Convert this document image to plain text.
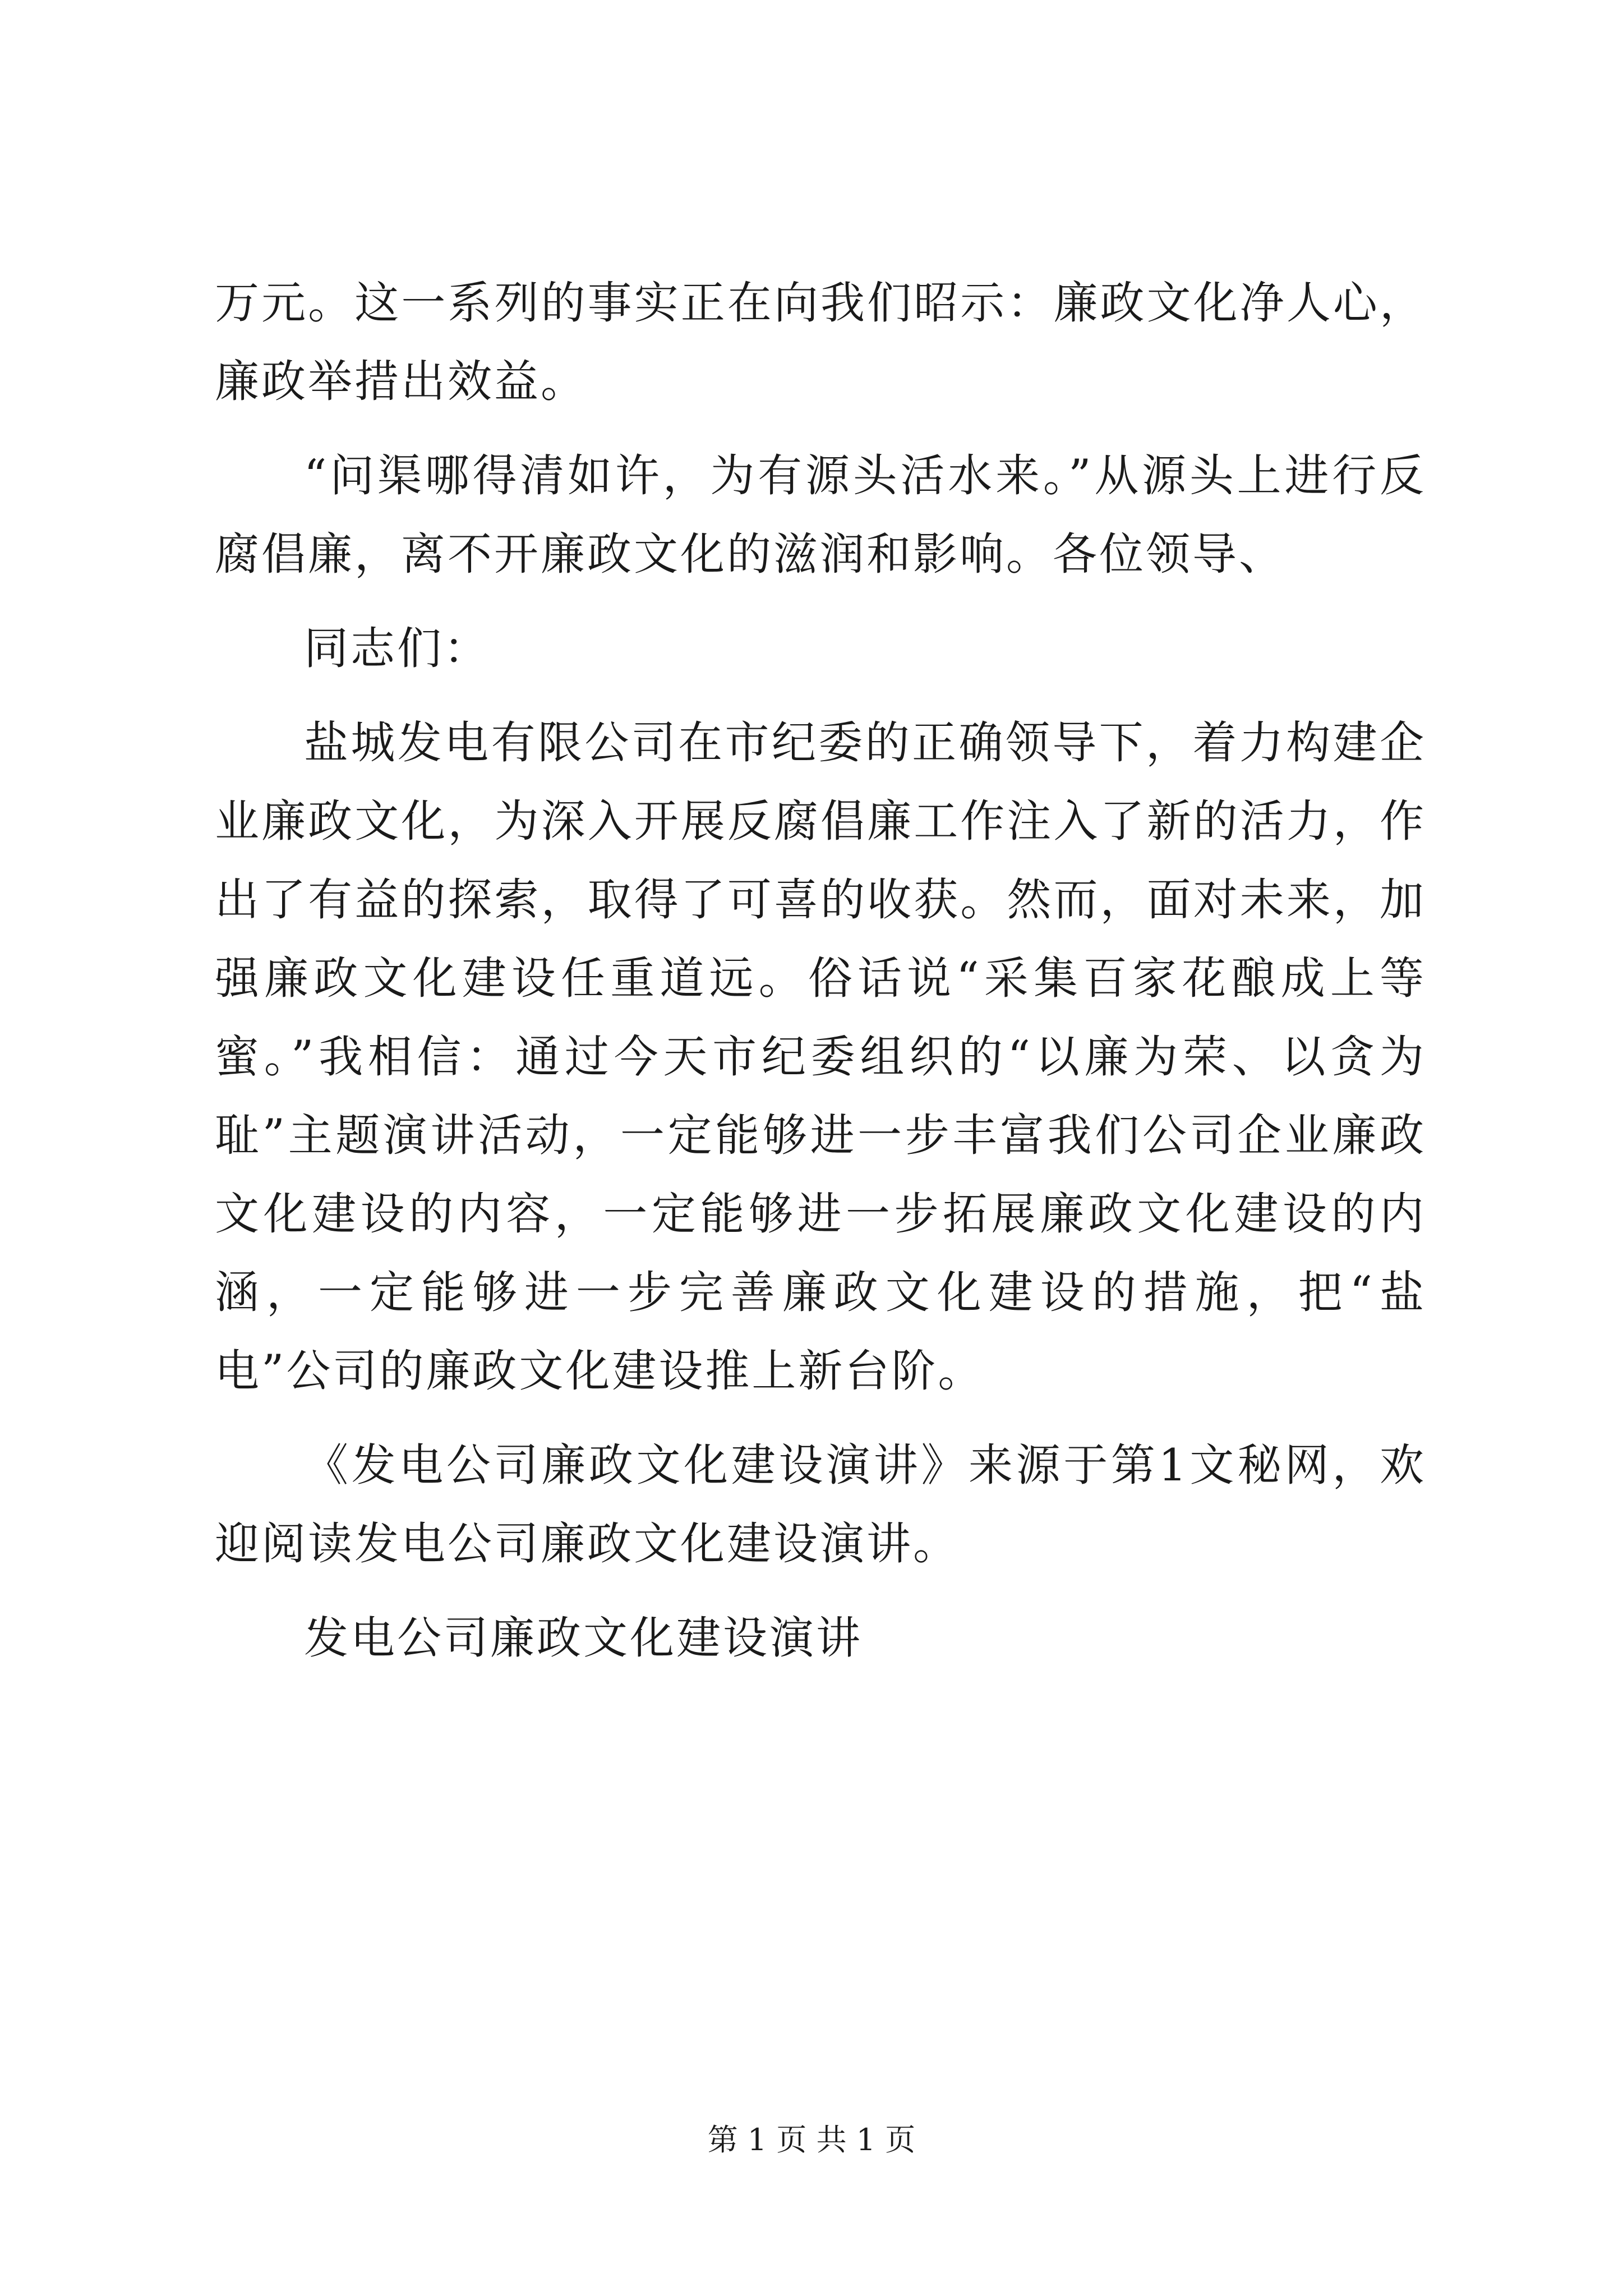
万元。这一系列的事实正在向我们昭示：廉政文化净人心，廉政举措出效益。

“问渠哪得清如许，为有源头活水来。”从源头上进行反腐倡廉，离不开廉政文化的滋润和影响。各位领导、

同志们：

盐城发电有限公司在市纪委的正确领导下，着力构建企业廉政文化，为深入开展反腐倡廉工作注入了新的活力，作出了有益的探索，取得了可喜的收获。然而，面对未来，加强廉政文化建设任重道远。俗话说“采集百家花酿成上等蜜。”我相信：通过今天市纪委组织的“以廉为荣、以贪为耻”主题演讲活动，一定能够进一步丰富我们公司企业廉政文化建设的内容，一定能够进一步拓展廉政文化建设的内涵，一定能够进一步完善廉政文化建设的措施，把“盐电”公司的廉政文化建设推上新台阶。

《发电公司廉政文化建设演讲》来源于第1文秘网，欢迎阅读发电公司廉政文化建设演讲。

发电公司廉政文化建设演讲

第 1 页 共 1 页
